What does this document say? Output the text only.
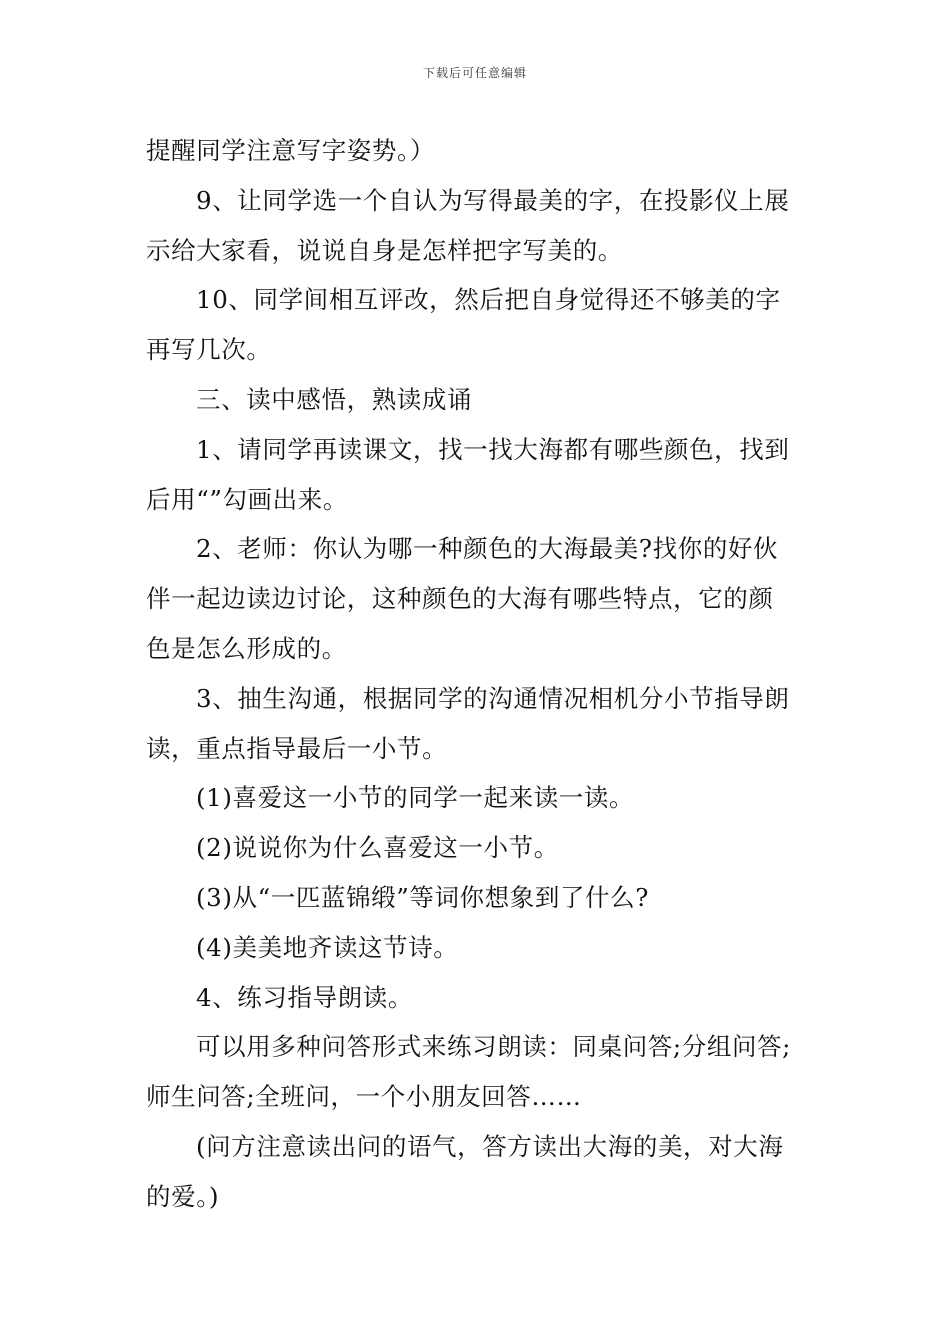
下载后可任意编辑
提醒同学注意写字姿势。）
9、让同学选一个自认为写得最美的字，在投影仪上展
示给大家看，说说自身是怎样把字写美的。
10、同学间相互评改，然后把自身觉得还不够美的字
再写几次。
三、读中感悟，熟读成诵
1、请同学再读课文，找一找大海都有哪些颜色，找到
后用“”勾画出来。
2、老师：你认为哪一种颜色的大海最美?找你的好伙
伴一起边读边讨论，这种颜色的大海有哪些特点，它的颜
色是怎么形成的。
3、抽生沟通，根据同学的沟通情况相机分小节指导朗
读，重点指导最后一小节。
(1)喜爱这一小节的同学一起来读一读。
(2)说说你为什么喜爱这一小节。
(3)从“一匹蓝锦缎”等词你想象到了什么?
(4)美美地齐读这节诗。
4、练习指导朗读。
可以用多种问答形式来练习朗读：同桌问答;分组问答;
师生问答;全班问，一个小朋友回答……
(问方注意读出问的语气，答方读出大海的美，对大海
的爱。)
